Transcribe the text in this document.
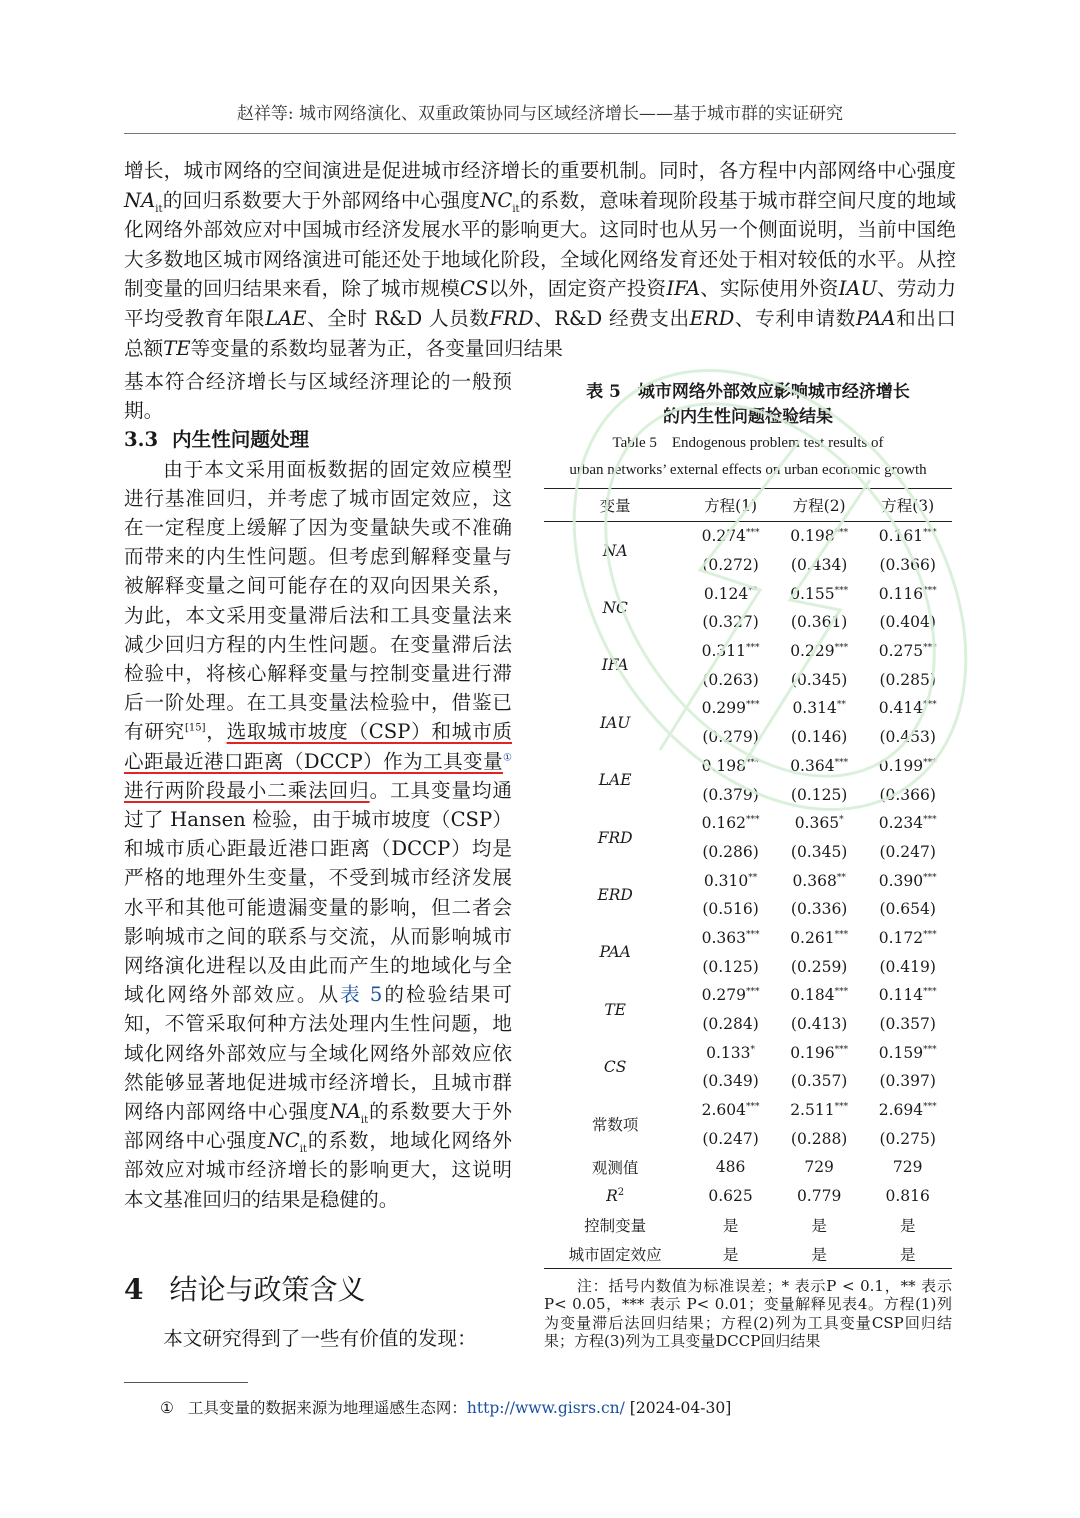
赵祥等: 城市网络演化、双重政策协同与区域经济增长——基于城市群的实证研究
增长，城市网络的空间演进是促进城市经济增长的重要机制。同时，各方程中内部网络中心强度$NA_{it}$的回归系数要大于外部网络中心强度$NC_{it}$的系数，意味着现阶段基于城市群空间尺度的地域化网络外部效应对中国城市经济发展水平的影响更大。这同时也从另一个侧面说明，当前中国绝大多数地区城市网络演进可能还处于地域化阶段，全域化网络发育还处于相对较低的水平。从控制变量的回归结果来看，除了城市规模CS以外，固定资产投资IFA、实际使用外资IAU、劳动力平均受教育年限LAE、全时 R&D 人员数FRD、R&D 经费支出ERD、专利申请数PAA和出口总额TE等变量的系数均显著为正，各变量回归结果

基本符合经济增长与区域经济理论的一般预期。

3.3 内生性问题处理

由于本文采用面板数据的固定效应模型进行基准回归，并考虑了城市固定效应，这在一定程度上缓解了因为变量缺失或不准确而带来的内生性问题。但考虑到解释变量与被解释变量之间可能存在的双向因果关系，为此，本文采用变量滞后法和工具变量法来减少回归方程的内生性问题。在变量滞后法检验中，将核心解释变量与控制变量进行滞后一阶处理。在工具变量法检验中，借鉴已有研究[15]，选取城市坡度（CSP）和城市质心距最近港口距离（DCCP）作为工具变量①进行两阶段最小二乘法回归。工具变量均通过了 Hansen 检验，由于城市坡度（CSP）和城市质心距最近港口距离（DCCP）均是严格的地理外生变量，不受到城市经济发展水平和其他可能遗漏变量的影响，但二者会影响城市之间的联系与交流，从而影响城市网络演化进程以及由此而产生的地域化与全域化网络外部效应。从表 5的检验结果可知，不管采取何种方法处理内生性问题，地域化网络外部效应与全域化网络外部效应依然能够显著地促进城市经济增长，且城市群网络内部网络中心强度$NA_{it}$的系数要大于外部网络中心强度$NC_{it}$的系数，地域化网络外部效应对城市经济增长的影响更大，这说明本文基准回归的结果是稳健的。

4 结论与政策含义
本文研究得到了一些有价值的发现：

表 5　城市网络外部效应影响城市经济增长

的内生性问题检验结果

Table 5　Endogenous problem test results of

urban networks’ external effects on urban economic growth

变量	方程(1)	方程(2)	方程(3)
NA	0.274***	0.198***	0.161***
	(0.272)	(0.434)	(0.366)
NC	0.124**	0.155***	0.116***
	(0.327)	(0.361)	(0.404)
IFA	0.311***	0.229***	0.275***
	(0.263)	(0.345)	(0.285)
IAU	0.299***	0.314**	0.414***
	(0.279)	(0.146)	(0.453)
LAE	0.198***	0.364***	0.199***
	(0.379)	(0.125)	(0.366)
FRD	0.162***	0.365*	0.234***
	(0.286)	(0.345)	(0.247)
ERD	0.310**	0.368**	0.390***
	(0.516)	(0.336)	(0.654)
PAA	0.363***	0.261***	0.172***
	(0.125)	(0.259)	(0.419)
TE	0.279***	0.184***	0.114***
	(0.284)	(0.413)	(0.357)
CS	0.133*	0.196***	0.159***
	(0.349)	(0.357)	(0.397)
常数项	2.604***	2.511***	2.694***
	(0.247)	(0.288)	(0.275)
观测值	486	729	729
$R^2$	0.625	0.779	0.816
控制变量	是	是	是
城市固定效应	是	是	是

注：括号内数值为标准误差；* 表示P < 0.1，** 表示P< 0.05，*** 表示 P< 0.01；变量解释见表4。方程(1)列为变量滞后法回归结果；方程(2)列为工具变量CSP回归结果；方程(3)列为工具变量DCCP回归结果

① 工具变量的数据来源为地理遥感生态网：http://www.gisrs.cn/ [2024-04-30]
